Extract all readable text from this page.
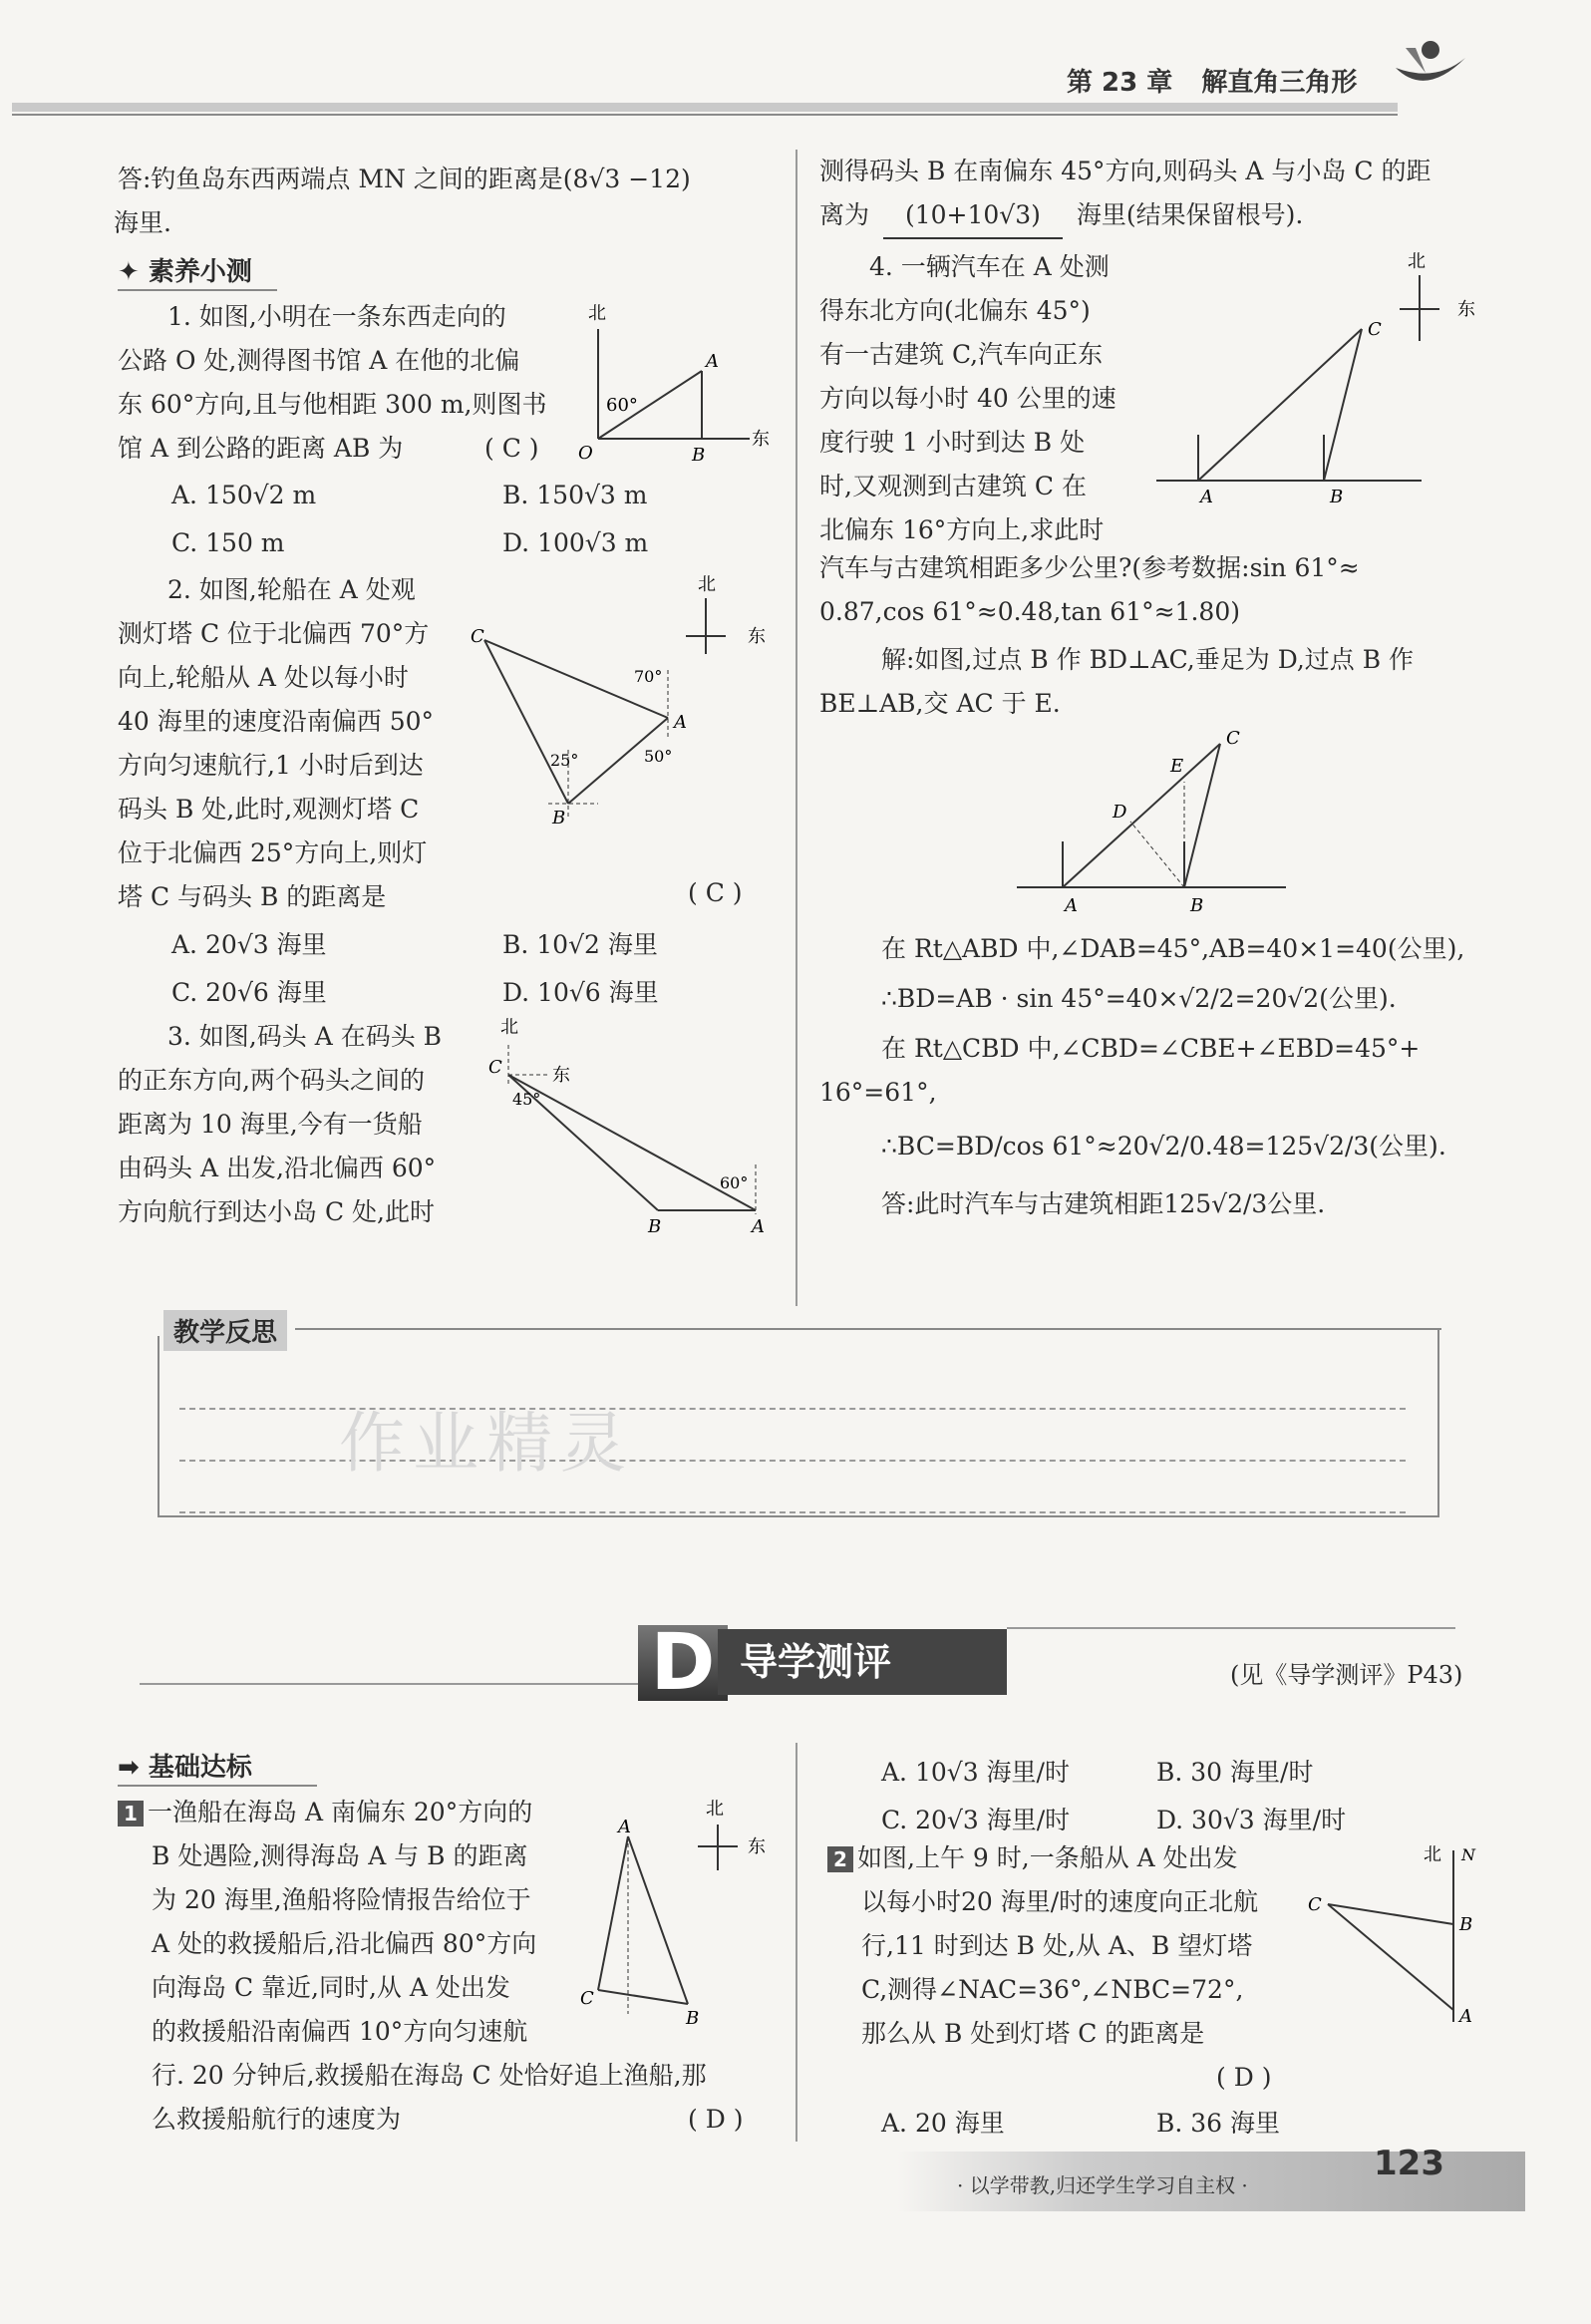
第 23 章 解直角三角形
答:钓鱼岛东西两端点 MN 之间的距离是(8√3 −12)
海里.
✦ 素养小测
1. 如图,小明在一条东西走向的
公路 O 处,测得图书馆 A 在他的北偏
东 60°方向,且与他相距 300 m,则图书
馆 A 到公路的距离 AB 为	( C )
A. 150√2 m	B. 150√3 m
C. 150 m	D. 100√3 m
北
东
60°
A
B
O
2. 如图,轮船在 A 处观
测灯塔 C 位于北偏西 70°方
向上,轮船从 A 处以每小时
40 海里的速度沿南偏西 50°
方向匀速航行,1 小时后到达
码头 B 处,此时,观测灯塔 C
位于北偏西 25°方向上,则灯
塔 C 与码头 B 的距离是	( C )
北
东
C
A
B
70°
50°
25°
A. 20√3 海里	B. 10√2 海里
C. 20√6 海里	D. 10√6 海里
3. 如图,码头 A 在码头 B
的正东方向,两个码头之间的
距离为 10 海里,今有一货船
由码头 A 出发,沿北偏西 60°
方向航行到达小岛 C 处,此时
北
东
C
45°
60°
B	A
测得码头 B 在南偏东 45°方向,则码头 A 与小岛 C 的距
离为 (10+10√3) 海里(结果保留根号).
4. 一辆汽车在 A 处测
得东北方向(北偏东 45°)
有一古建筑 C,汽车向正东
方向以每小时 40 公里的速
度行驶 1 小时到达 B 处
时,又观测到古建筑 C 在
北偏东 16°方向上,求此时
北
东
C
A	B
汽车与古建筑相距多少公里?(参考数据:sin 61°≈
0.87,cos 61°≈0.48,tan 61°≈1.80)
解:如图,过点 B 作 BD⊥AC,垂足为 D,过点 B 作
BE⊥AB,交 AC 于 E.
C
E
D
A	B
在 Rt△ABD 中,∠DAB=45°,AB=40×1=40(公里),
∴BD=AB · sin 45°=40×√2/2=20√2(公里).
在 Rt△CBD 中,∠CBD=∠CBE+∠EBD=45°+
16°=61°,
∴BC=BD/cos 61°≈20√2/0.48=125√2/3(公里).
答:此时汽车与古建筑相距125√2/3公里.
教学反思
作业精灵
D 导学测评	(见《导学测评》P43)
➡ 基础达标
1 一渔船在海岛 A 南偏东 20°方向的
B 处遇险,测得海岛 A 与 B 的距离
为 20 海里,渔船将险情报告给位于
A 处的救援船后,沿北偏西 80°方向
向海岛 C 靠近,同时,从 A 处出发
的救援船沿南偏西 10°方向匀速航
行. 20 分钟后,救援船在海岛 C 处恰好追上渔船,那
么救援船航行的速度为	( D )
北
东
A
C
B
A. 10√3 海里/时	B. 30 海里/时
C. 20√3 海里/时	D. 30√3 海里/时
2 如图,上午 9 时,一条船从 A 处出发
以每小时20 海里/时的速度向正北航
行,11 时到达 B 处,从 A、B 望灯塔
C,测得∠NAC=36°,∠NBC=72°,
那么从 B 处到灯塔 C 的距离是
( D )
A. 20 海里	B. 36 海里
北 N
C
B
A
· 以学带教,归还学生学习自主权 ·
123
